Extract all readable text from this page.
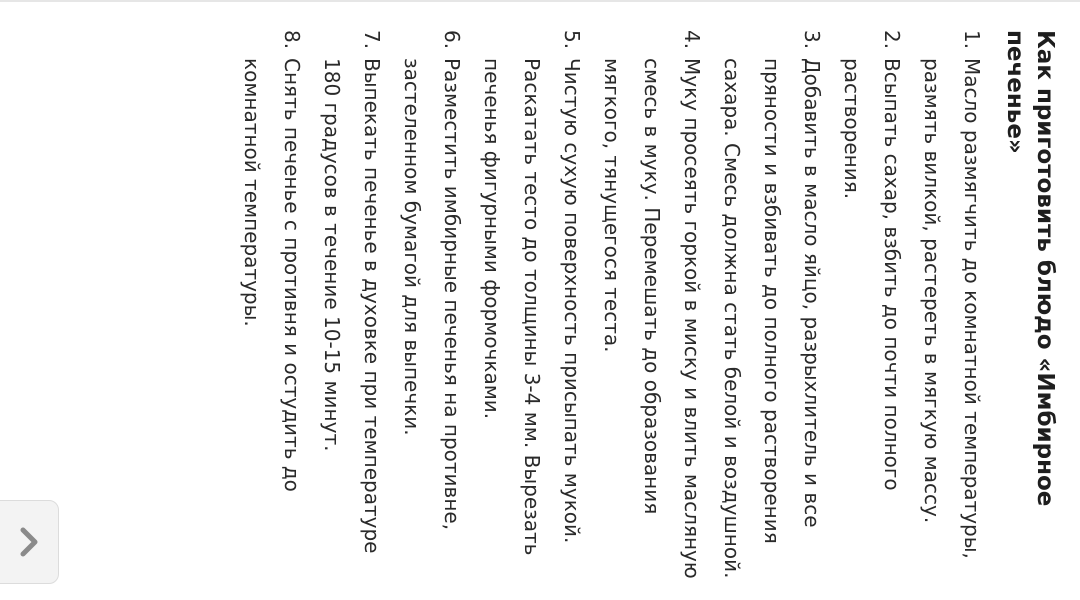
Как приготовить блюдо «Имбирное печенье»
1.
Масло размягчить до комнатной температуры, размять вилкой, растереть в мягкую массу.
2.
Всыпать сахар, взбить до почти полного растворения.
3.
Добавить в масло яйцо, разрыхлитель и все пряности и взбивать до полного растворения сахара. Смесь должна стать белой и воздушной.
4.
Муку просеять горкой в миску и влить масляную смесь в муку. Перемешать до образования мягкого, тянущегося теста.
5.
Чистую сухую поверхность присыпать мукой. Раскатать тесто до толщины 3-4 мм. Вырезать печенья фигурными формочками.
6.
Разместить имбирные печенья на противне, застеленном бумагой для выпечки.
7.
Выпекать печенье в духовке при температуре 180 градусов в течение 10-15 минут.
8.
Снять печенье с противня и остудить до комнатной температуры.
